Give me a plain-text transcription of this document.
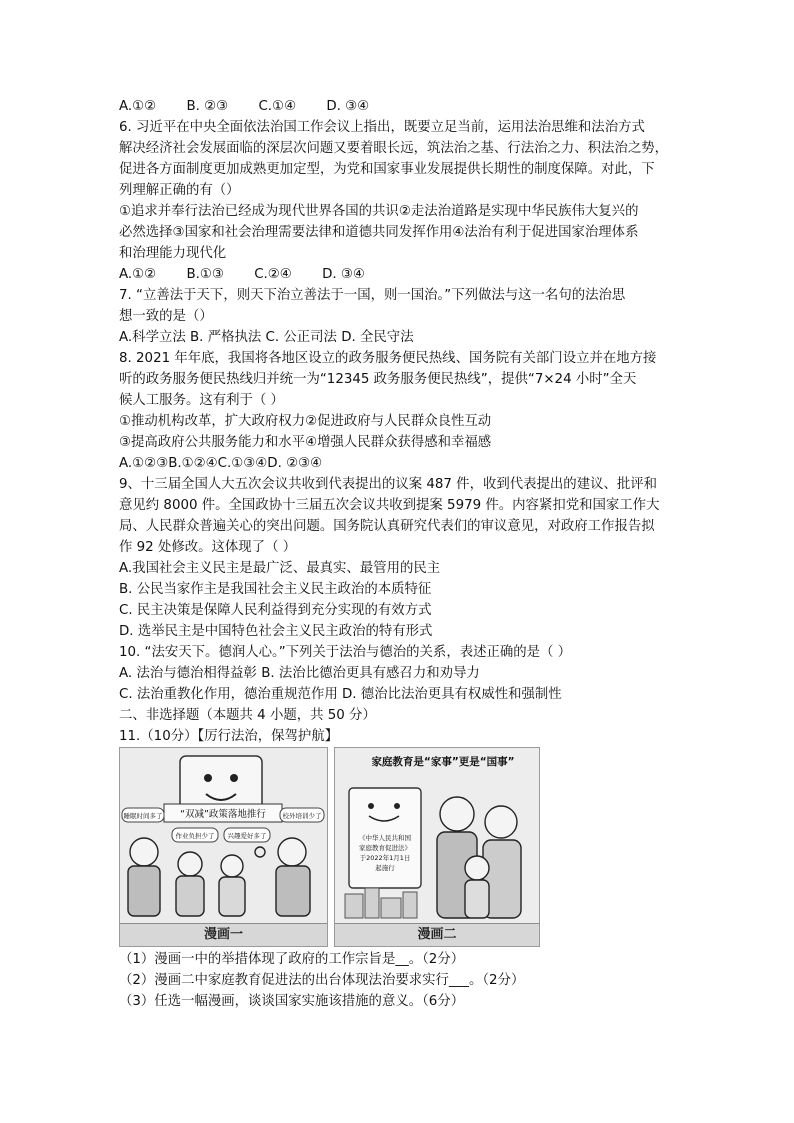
A.①② B. ②③ C.①④ D. ③④
6. 习近平在中央全面依法治国工作会议上指出，既要立足当前，运用法治思维和法治方式
解决经济社会发展面临的深层次问题又要着眼长远，筑法治之基、行法治之力、积法治之势，
促进各方面制度更加成熟更加定型，为党和国家事业发展提供长期性的制度保障。对此，下
列理解正确的有（）
①追求并奉行法治已经成为现代世界各国的共识②走法治道路是实现中华民族伟大复兴的
必然选择③国家和社会治理需要法律和道德共同发挥作用④法治有利于促进国家治理体系
和治理能力现代化
A.①② B.①③ C.②④ D. ③④
7. “立善法于天下，则天下治立善法于一国，则一国治。”下列做法与这一名句的法治思
想一致的是（）
A.科学立法 B. 严格执法 C. 公正司法 D. 全民守法
8. 2021 年年底，我国将各地区设立的政务服务便民热线、国务院有关部门设立并在地方接
听的政务服务便民热线归并统一为“12345 政务服务便民热线”，提供“7×24 小时”全天
候人工服务。这有利于（ ）
①推动机构改革，扩大政府权力②促进政府与人民群众良性互动
③提高政府公共服务能力和水平④增强人民群众获得感和幸福感
A.①②③B.①②④C.①③④D. ②③④
9、十三届全国人大五次会议共收到代表提出的议案 487 件，收到代表提出的建议、批评和
意见约 8000 件。全国政协十三届五次会议共收到提案 5979 件。内容紧扣党和国家工作大
局、人民群众普遍关心的突出问题。国务院认真研究代表们的审议意见，对政府工作报告拟
作 92 处修改。这体现了（ ）
A.我国社会主义民主是最广泛、最真实、最管用的民主
B. 公民当家作主是我国社会主义民主政治的本质特征
C. 民主决策是保障人民利益得到充分实现的有效方式
D. 选举民主是中国特色社会主义民主政治的特有形式
10. “法安天下。德润人心。”下列关于法治与德治的关系，表述正确的是（ ）
A. 法治与德治相得益彰 B. 法治比德治更具有感召力和劝导力
C. 法治重教化作用，德治重规范作用 D. 德治比法治更具有权威性和强制性
二、非选择题（本题共 4 小题，共 50 分）
11.（10分）【厉行法治，保驾护航】
“双减”政策落地推行
睡眠时间多了
作业负担少了 兴趣爱好多了
校外培训少了
漫画一
家庭教育是“家事”更是“国事”
《中华人民共和国
家庭教育促进法》
于2022年1月1日
起施行
漫画二
（1）漫画一中的举措体现了政府的工作宗旨是__。（2分）
（2）漫画二中家庭教育促进法的出台体现法治要求实行___。（2分）
（3）任选一幅漫画，谈谈国家实施该措施的意义。（6分）
